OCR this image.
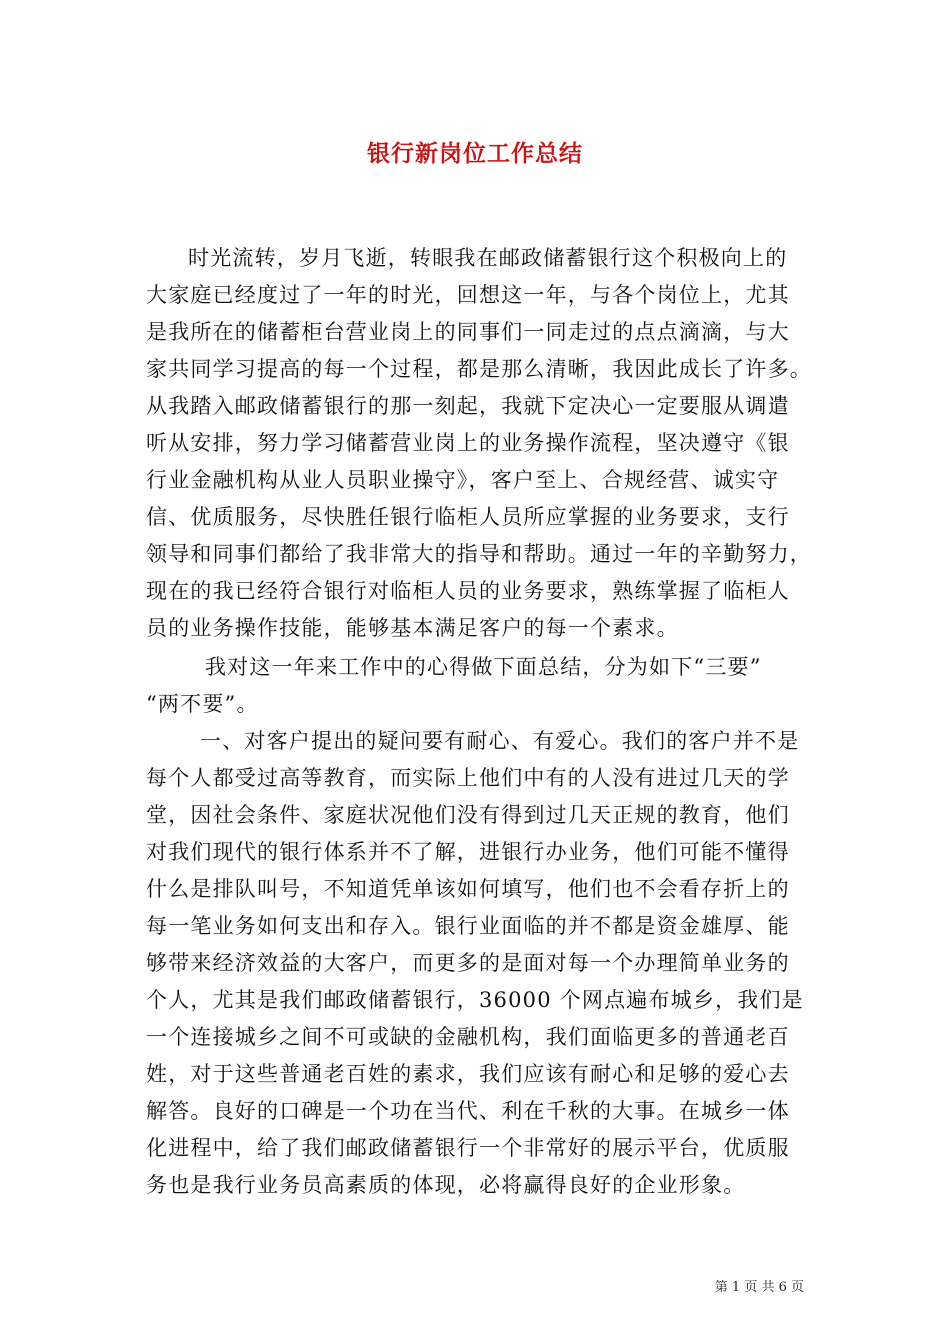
银行新岗位工作总结

时光流转，岁月飞逝，转眼我在邮政储蓄银行这个积极向上的

大家庭已经度过了一年的时光，回想这一年，与各个岗位上，尤其

是我所在的储蓄柜台营业岗上的同事们一同走过的点点滴滴，与大

家共同学习提高的每一个过程，都是那么清晰，我因此成长了许多。

从我踏入邮政储蓄银行的那一刻起，我就下定决心一定要服从调遣

听从安排，努力学习储蓄营业岗上的业务操作流程，坚决遵守《银

行业金融机构从业人员职业操守》，客户至上、合规经营、诚实守

信、优质服务，尽快胜任银行临柜人员所应掌握的业务要求，支行

领导和同事们都给了我非常大的指导和帮助。通过一年的辛勤努力，

现在的我已经符合银行对临柜人员的业务要求，熟练掌握了临柜人

员的业务操作技能，能够基本满足客户的每一个素求。

我对这一年来工作中的心得做下面总结，分为如下“三要”

“两不要”。

一、对客户提出的疑问要有耐心、有爱心。我们的客户并不是

每个人都受过高等教育，而实际上他们中有的人没有进过几天的学

堂，因社会条件、家庭状况他们没有得到过几天正规的教育，他们

对我们现代的银行体系并不了解，进银行办业务，他们可能不懂得

什么是排队叫号，不知道凭单该如何填写，他们也不会看存折上的

每一笔业务如何支出和存入。银行业面临的并不都是资金雄厚、能

够带来经济效益的大客户，而更多的是面对每一个办理简单业务的

个人，尤其是我们邮政储蓄银行，36000 个网点遍布城乡，我们是

一个连接城乡之间不可或缺的金融机构，我们面临更多的普通老百

姓，对于这些普通老百姓的素求，我们应该有耐心和足够的爱心去

解答。良好的口碑是一个功在当代、利在千秋的大事。在城乡一体

化进程中，给了我们邮政储蓄银行一个非常好的展示平台，优质服

务也是我行业务员高素质的体现，必将赢得良好的企业形象。

第 1 页 共 6 页
